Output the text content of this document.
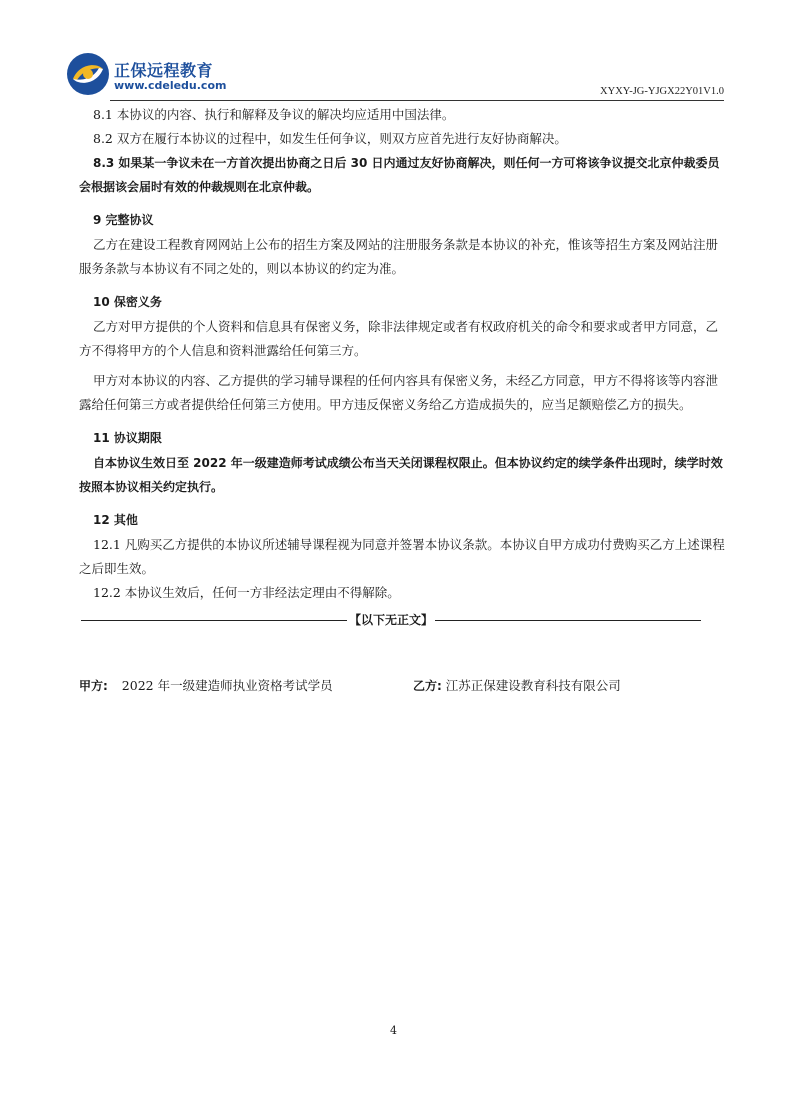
正保远程教育
www.cdeledu.com	XYXY-JG-YJGX22Y01V1.0

8.1 本协议的内容、执行和解释及争议的解决均应适用中国法律。

8.2 双方在履行本协议的过程中，如发生任何争议，则双方应首先进行友好协商解决。

8.3 如果某一争议未在一方首次提出协商之日后 30 日内通过友好协商解决，则任何一方可将该争议提交北京仲裁委员会根据该会届时有效的仲裁规则在北京仲裁。

9 完整协议

乙方在建设工程教育网网站上公布的招生方案及网站的注册服务条款是本协议的补充，惟该等招生方案及网站注册服务条款与本协议有不同之处的，则以本协议的约定为准。

10 保密义务

乙方对甲方提供的个人资料和信息具有保密义务，除非法律规定或者有权政府机关的命令和要求或者甲方同意，乙方不得将甲方的个人信息和资料泄露给任何第三方。

甲方对本协议的内容、乙方提供的学习辅导课程的任何内容具有保密义务，未经乙方同意，甲方不得将该等内容泄露给任何第三方或者提供给任何第三方使用。甲方违反保密义务给乙方造成损失的，应当足额赔偿乙方的损失。

11 协议期限

自本协议生效日至 2022 年一级建造师考试成绩公布当天关闭课程权限止。但本协议约定的续学条件出现时，续学时效按照本协议相关约定执行。

12 其他

12.1 凡购买乙方提供的本协议所述辅导课程视为同意并签署本协议条款。本协议自甲方成功付费购买乙方上述课程之后即生效。

12.2 本协议生效后，任何一方非经法定理由不得解除。

【以下无正文】
甲方: 2022 年一级建造师执业资格考试学员	乙方: 江苏正保建设教育科技有限公司
4
